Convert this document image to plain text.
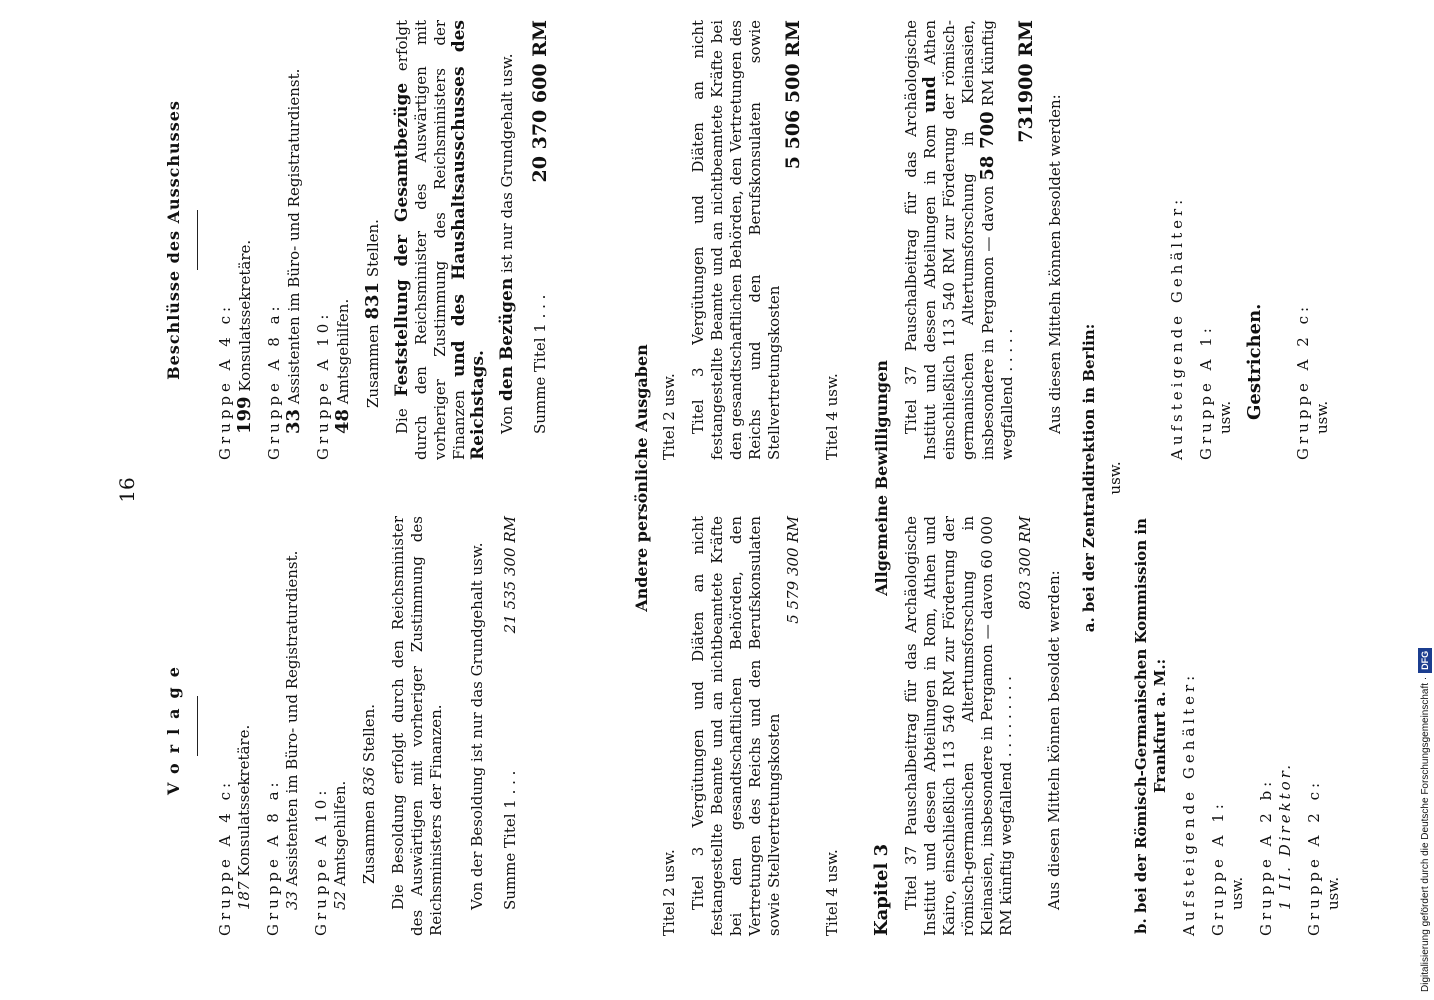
16
Vorlage
Gruppe A 4 c: 187 Konsulatssekretäre. Gruppe A 8 a: 33 Assistenten im Büro- und Registraturdienst. Gruppe A 10: 52 Amtsgehilfen. Zusammen 836 Stellen. Die Besoldung erfolgt durch den Reichsminister des Auswärtigen mit vorheriger Zustimmung des Reichsministers der Finanzen. Von der Besoldung ist nur das Grundgehalt usw. Summe Titel 1 . . .
21 535 300 RM
Beschlüsse des Ausschusses
Gruppe A 4 c: 199 Konsulatssekretäre. Gruppe A 8 a: 33 Assistenten im Büro- und Registraturdienst. Gruppe A 10: 48 Amtsgehilfen. Zusammen 831 Stellen.
Die Feststellung der Gesamtbezüge erfolgt durch den Reichsminister des Auswärtigen mit vorheriger Zustimmung des Reichsministers der Finanzen und des Haushaltsausschusses des Reichstags. Von den Bezügen ist nur das Grundgehalt usw.
Summe Titel 1 . . .
20 370 600 RM
Andere persönliche Ausgaben
Titel 2 usw. Titel 3 Vergütungen und Diäten an nicht festangestellte Beamte und an nichtbeamtete Kräfte bei den gesandtschaftlichen Behörden, den Vertretungen des Reichs und den Berufskonsulaten sowie Stellvertretungskosten
5 579 300 RM
Titel 4 usw.
Titel 2 usw. Titel 3 Vergütungen und Diäten an nicht festangestellte Beamte und an nichtbeamtete Kräfte bei den gesandtschaftlichen Behörden, den Vertretungen des Reichs und den Berufskonsulaten sowie Stellvertretungskosten
5 506 500 RM
Titel 4 usw. Allgemeine Bewilligungen
Kapitel 3 Titel 37 Pauschalbeitrag für das Archäologische Institut und dessen Abteilungen in Rom, Athen und Kairo, einschließlich 113 540 RM zur Förderung der römisch-germanischen Altertumsforschung in Kleinasien, insbesondere in Pergamon — davon 60 000 RM künftig wegfallend . . . . . . . . .
803 300 RM
Aus diesen Mitteln können besoldet werden:
Titel 37 Pauschalbeitrag für das Archäologische Institut und dessen Abteilungen in Rom und Athen einschließlich 113 540 RM zur Förderung der römisch-germanischen Altertumsforschung in Kleinasien, insbesondere in Pergamon — davon 58 700 RM künftig wegfallend . . . . .
731900 RM
Aus diesen Mitteln können besoldet werden:
a. bei der Zentraldirektion in Berlin: usw.
b. bei der Römisch-Germanischen Kommission in Frankfurt a. M.: Aufsteigende Gehälter: Gruppe A 1: usw. Gruppe A 2 b: 1 II. Direktor. Gruppe A 2 c: usw.
Aufsteigende Gehälter: Gruppe A 1: usw. Gestrichen. Gruppe A 2 c: usw.
Digitalisierung gefördert durch die Deutsche Forschungsgemeinschaft ·DFG
